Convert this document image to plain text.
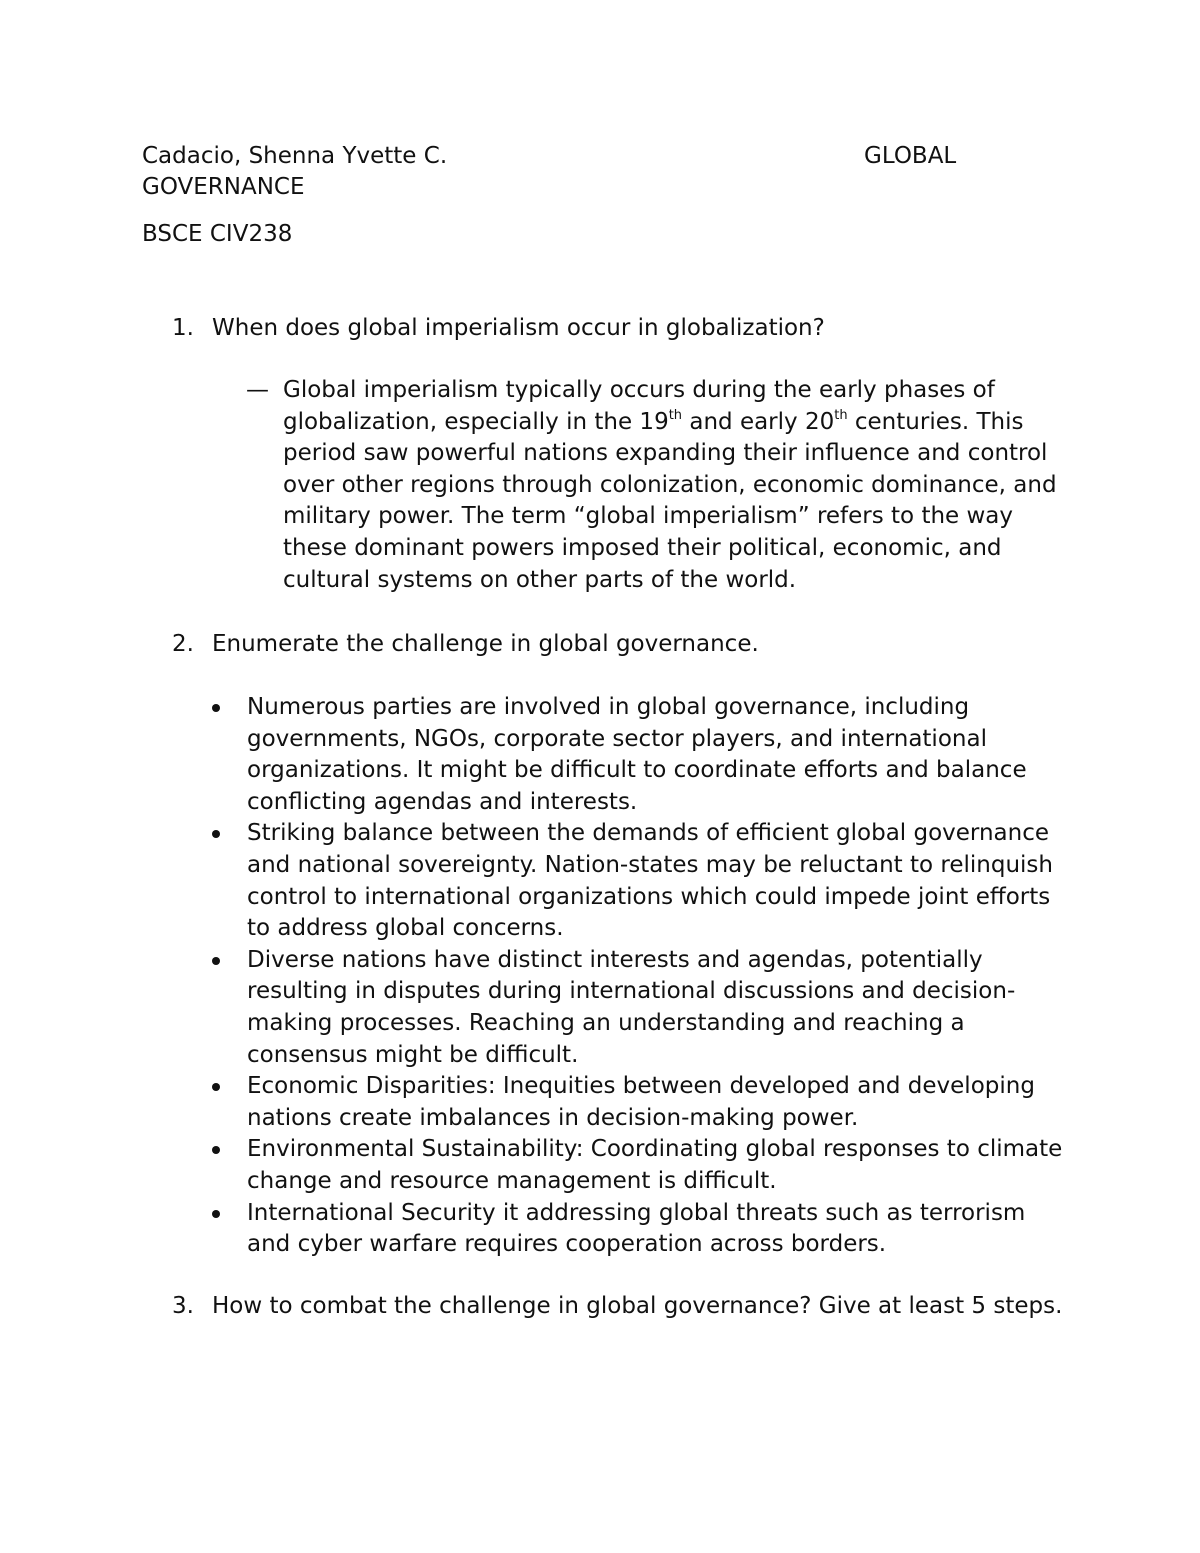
Cadacio, Shenna Yvette C.	GLOBAL
GOVERNANCE
BSCE CIV238
1. When does global imperialism occur in globalization?
— Global imperialism typically occurs during the early phases of globalization, especially in the 19th and early 20th centuries. This period saw powerful nations expanding their influence and control over other regions through colonization, economic dominance, and military power. The term “global imperialism” refers to the way these dominant powers imposed their political, economic, and cultural systems on other parts of the world.
2. Enumerate the challenge in global governance.
Numerous parties are involved in global governance, including governments, NGOs, corporate sector players, and international organizations. It might be difficult to coordinate efforts and balance conflicting agendas and interests.
Striking balance between the demands of efficient global governance and national sovereignty. Nation-states may be reluctant to relinquish control to international organizations which could impede joint efforts to address global concerns.
Diverse nations have distinct interests and agendas, potentially resulting in disputes during international discussions and decision-making processes. Reaching an understanding and reaching a consensus might be difficult.
Economic Disparities: Inequities between developed and developing nations create imbalances in decision-making power.
Environmental Sustainability: Coordinating global responses to climate change and resource management is difficult.
International Security it addressing global threats such as terrorism and cyber warfare requires cooperation across borders.
3. How to combat the challenge in global governance? Give at least 5 steps.
